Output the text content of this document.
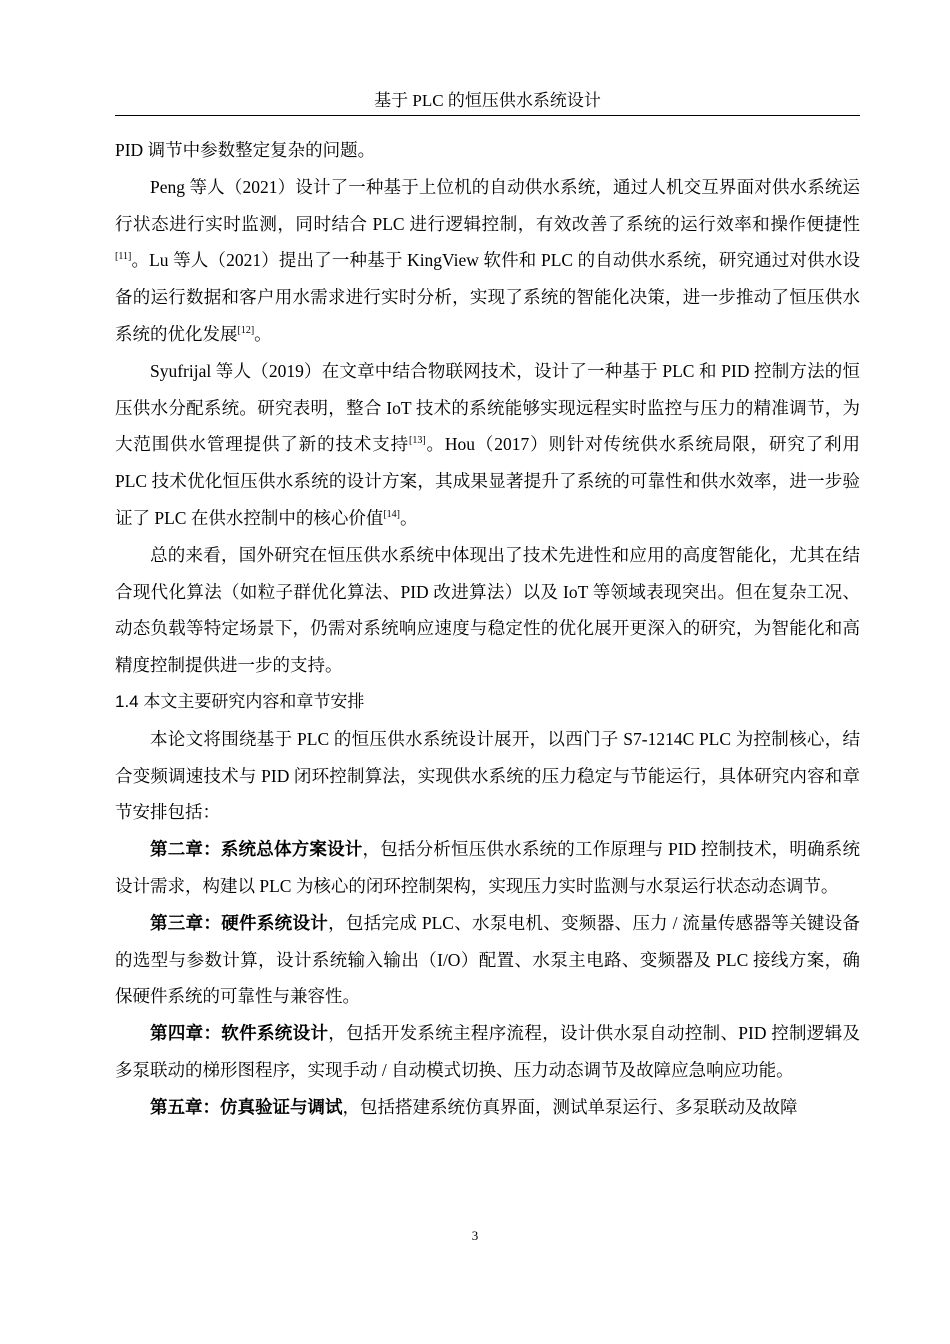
基于 PLC 的恒压供水系统设计

PID 调节中参数整定复杂的问题。

Peng 等人（2021）设计了一种基于上位机的自动供水系统，通过人机交互界面对供水系统运行状态进行实时监测，同时结合 PLC 进行逻辑控制，有效改善了系统的运行效率和操作便捷性[11]。Lu 等人（2021）提出了一种基于 KingView 软件和 PLC 的自动供水系统，研究通过对供水设备的运行数据和客户用水需求进行实时分析，实现了系统的智能化决策，进一步推动了恒压供水系统的优化发展[12]。

Syufrijal 等人（2019）在文章中结合物联网技术，设计了一种基于 PLC 和 PID 控制方法的恒压供水分配系统。研究表明，整合 IoT 技术的系统能够实现远程实时监控与压力的精准调节，为大范围供水管理提供了新的技术支持[13]。Hou（2017）则针对传统供水系统局限，研究了利用 PLC 技术优化恒压供水系统的设计方案，其成果显著提升了系统的可靠性和供水效率，进一步验证了 PLC 在供水控制中的核心价值[14]。

总的来看，国外研究在恒压供水系统中体现出了技术先进性和应用的高度智能化，尤其在结合现代化算法（如粒子群优化算法、PID 改进算法）以及 IoT 等领域表现突出。但在复杂工况、动态负载等特定场景下，仍需对系统响应速度与稳定性的优化展开更深入的研究，为智能化和高精度控制提供进一步的支持。

1.4 本文主要研究内容和章节安排

本论文将围绕基于 PLC 的恒压供水系统设计展开，以西门子 S7-1214C PLC 为控制核心，结合变频调速技术与 PID 闭环控制算法，实现供水系统的压力稳定与节能运行，具体研究内容和章节安排包括：

第二章：系统总体方案设计，包括分析恒压供水系统的工作原理与 PID 控制技术，明确系统设计需求，构建以 PLC 为核心的闭环控制架构，实现压力实时监测与水泵运行状态动态调节。

第三章：硬件系统设计，包括完成 PLC、水泵电机、变频器、压力 / 流量传感器等关键设备的选型与参数计算，设计系统输入输出（I/O）配置、水泵主电路、变频器及 PLC 接线方案，确保硬件系统的可靠性与兼容性。

第四章：软件系统设计，包括开发系统主程序流程，设计供水泵自动控制、PID 控制逻辑及多泵联动的梯形图程序，实现手动 / 自动模式切换、压力动态调节及故障应急响应功能。

第五章：仿真验证与调试，包括搭建系统仿真界面，测试单泵运行、多泵联动及故障

3
